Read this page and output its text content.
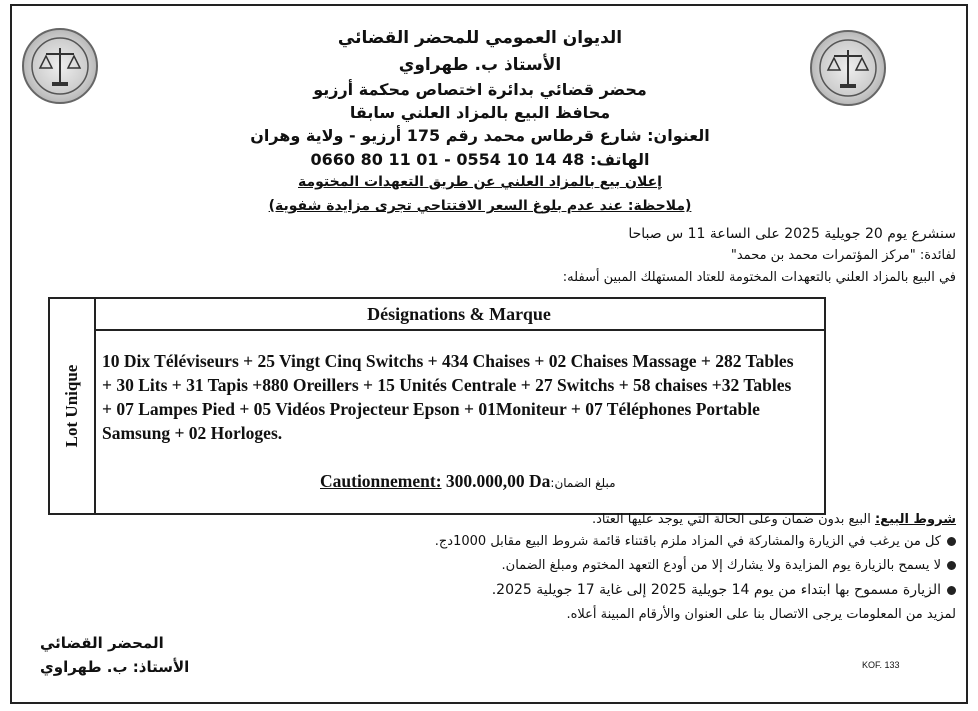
الديوان العمومي للمحضر القضائي
الأستاذ ب. طهراوي
محضر قضائي بدائرة اختصاص محكمة أرزيو
محافظ البيع بالمزاد العلني سابقا
العنوان: شارع قرطاس محمد رقم 175 أرزيو - ولاية وهران
الهاتف: 48 14 10 0554 - 01 11 80 0660
إعلان بيع بالمزاد العلني عن طريق التعهدات المختومة
(ملاحظة: عند عدم بلوغ السعر الافتتاحي تجرى مزايدة شفوية)
سنشرع يوم 20 جويلية 2025 على الساعة 11 س صباحا
لفائدة: "مركز المؤتمرات محمد بن محمد"
في البيع بالمزاد العلني بالتعهدات المختومة للعتاد المستهلك المبين أسفله:
Lot Unique
Désignations & Marque
10 Dix Téléviseurs + 25 Vingt Cinq Switchs + 434 Chaises + 02 Chaises Massage + 282 Tables + 30 Lits + 31 Tapis +880 Oreillers + 15 Unités Centrale + 27 Switchs + 58 chaises +32 Tables + 07 Lampes Pied + 05 Vidéos Projecteur Epson + 01Moniteur + 07 Téléphones Portable Samsung + 02 Horloges.
Cautionnement: 300.000,00 Daمبلغ الضمان:
شروط البيع: البيع بدون ضمان وعلى الحالة التي يوجد عليها العتاد.
كل من يرغب في الزيارة والمشاركة في المزاد ملزم باقتناء قائمة شروط البيع مقابل 1000دج.
لا يسمح بالزيارة يوم المزايدة ولا يشارك إلا من أودع التعهد المختوم ومبلغ الضمان.
الزيارة مسموح بها ابتداء من يوم 14 جويلية 2025 إلى غاية 17 جويلية 2025.
لمزيد من المعلومات يرجى الاتصال بنا على العنوان والأرقام المبينة أعلاه.
المحضر القضائي
الأستاذ: ب. طهراوي	KOF. 133
